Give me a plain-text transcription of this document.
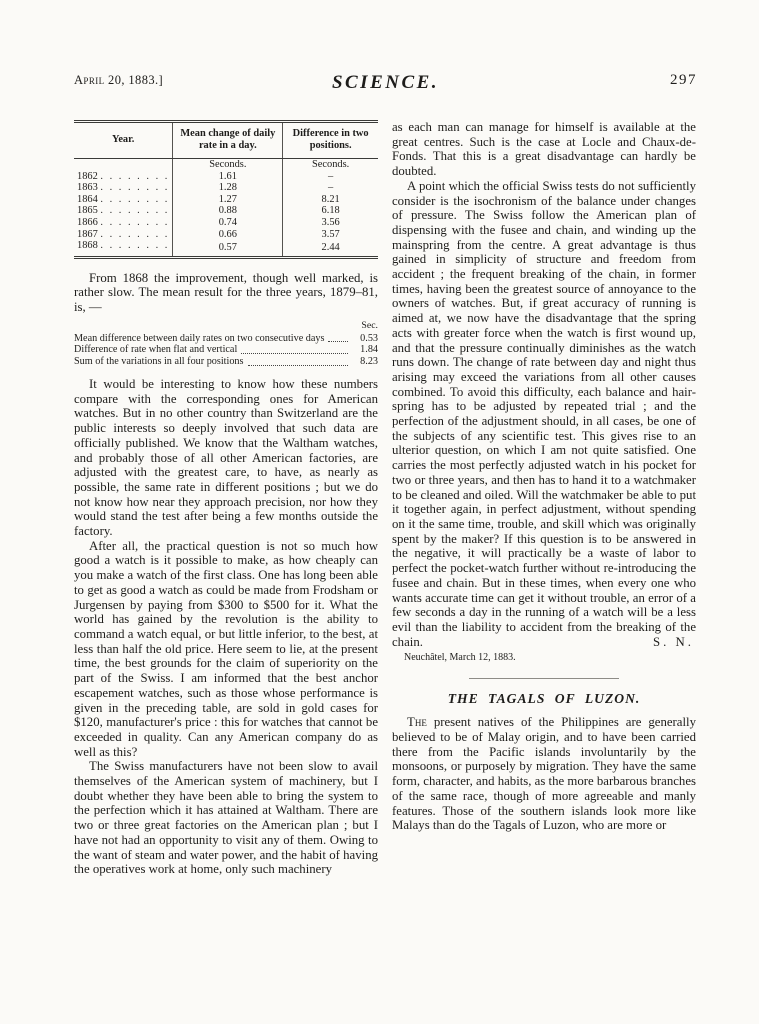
April 20, 1883.]	SCIENCE.	297
Year.	Mean change of daily rate in a day.	Difference in two positions.
	Seconds.	Seconds.
1862 . . . . . . . .	1.61	–
1863 . . . . . . . .	1.28	–
1864 . . . . . . . .	1.27	8.21
1865 . . . . . . . .	0.88	6.18
1866 . . . . . . . .	0.74	3.56
1867 . . . . . . . .	0.66	3.57
1868 . . . . . . . .	0.57	2.44

From 1868 the improvement, though well marked, is rather slow. The mean result for the three years, 1879–81, is, —

Sec.
Mean difference between daily rates on two consecutive days	0.53
Difference of rate when flat and vertical	1.84
Sum of the variations in all four positions	8.23

It would be interesting to know how these numbers compare with the corresponding ones for American watches. But in no other country than Switzerland are the public interests so deeply involved that such data are officially published. We know that the Waltham watches, and probably those of all other American factories, are adjusted with the greatest care, to have, as nearly as possible, the same rate in different positions ; but we do not know how near they approach precision, nor how they would stand the test after being a few months outside the factory.

After all, the practical question is not so much how good a watch is it possible to make, as how cheaply can you make a watch of the first class. One has long been able to get as good a watch as could be made from Frodsham or Jurgensen by paying from $300 to $500 for it. What the world has gained by the revolution is the ability to command a watch equal, or but little inferior, to the best, at less than half the old price. Here seem to lie, at the present time, the best grounds for the claim of superiority on the part of the Swiss. I am informed that the best anchor escapement watches, such as those whose performance is given in the preceding table, are sold in gold cases for $120, manufacturer's price : this for watches that cannot be exceeded in quality. Can any American company do as well as this?

The Swiss manufacturers have not been slow to avail themselves of the American system of machinery, but I doubt whether they have been able to bring the system to the perfection which it has attained at Waltham. There are two or three great factories on the American plan ; but I have not had an opportunity to visit any of them. Owing to the want of steam and water power, and the habit of having the operatives work at home, only such machinery

as each man can manage for himself is available at the great centres. Such is the case at Locle and Chaux-de-Fonds. That this is a great disadvantage can hardly be doubted.

A point which the official Swiss tests do not sufficiently consider is the isochronism of the balance under changes of pressure. The Swiss follow the American plan of dispensing with the fusee and chain, and winding up the mainspring from the centre. A great advantage is thus gained in simplicity of structure and freedom from accident ; the frequent breaking of the chain, in former times, having been the greatest source of annoyance to the owners of watches. But, if great accuracy of running is aimed at, we now have the disadvantage that the spring acts with greater force when the watch is first wound up, and that the pressure continually diminishes as the watch runs down. The change of rate between day and night thus arising may exceed the variations from all other causes combined. To avoid this difficulty, each balance and hair-spring has to be adjusted by repeated trial ; and the perfection of the adjustment should, in all cases, be one of the subjects of any scientific test. This gives rise to an ulterior question, on which I am not quite satisfied. One carries the most perfectly adjusted watch in his pocket for two or three years, and then has to hand it to a watchmaker to be cleaned and oiled. Will the watchmaker be able to put it together again, in perfect adjustment, without spending on it the same time, trouble, and skill which was originally spent by the maker? If this question is to be answered in the negative, it will practically be a waste of labor to perfect the pocket-watch further without re-introducing the fusee and chain. But in these times, when every one who wants accurate time can get it without trouble, an error of a few seconds a day in the running of a watch will be a less evil than the liability to accident from the breaking of the chain.	S. N.

Neuchâtel, March 12, 1883.
THE TAGALS OF LUZON.

The present natives of the Philippines are generally believed to be of Malay origin, and to have been carried there from the Pacific islands involuntarily by the monsoons, or purposely by migration. They have the same form, character, and habits, as the more barbarous branches of the same race, though of more agreeable and manly features. Those of the southern islands look more like Malays than do the Tagals of Luzon, who are more or
